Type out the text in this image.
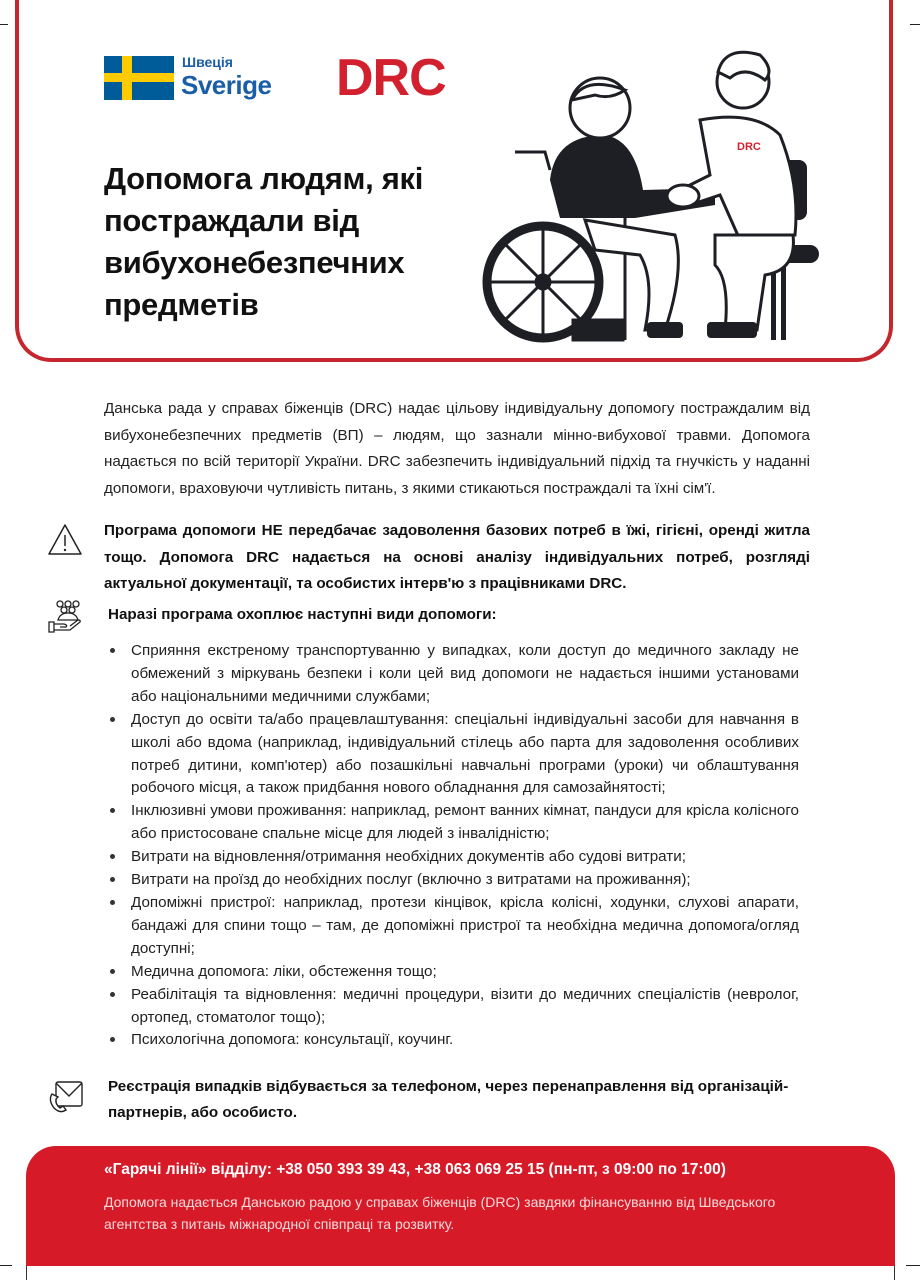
Швеція
Sverige DRC
Допомога людям, які постраждали від вибухонебезпечних предметів
DRC

Данська рада у справах біженців (DRC) надає цільову індивідуальну допомогу постраждалим від вибухонебезпечних предметів (ВП) – людям, що зазнали мінно-вибухової травми. Допомога надається по всій території України. DRC забезпечить індивідуальний підхід та гнучкість у наданні допомоги, враховуючи чутливість питань, з якими стикаються постраждалі та їхні сім'ї.

Програма допомоги НЕ передбачає задоволення базових потреб в їжі, гігієні, оренді житла тощо. Допомога DRC надається на основі аналізу індивідуальних потреб, розгляді актуальної документації, та особистих інтерв'ю з працівниками DRC.

Наразі програма охоплює наступні види допомоги:
Сприяння екстреному транспортуванню у випадках, коли доступ до медичного закладу не обмежений з міркувань безпеки і коли цей вид допомоги не надається іншими установами або національними медичними службами;
Доступ до освіти та/або працевлаштування: спеціальні індивідуальні засоби для навчання в школі або вдома (наприклад, індивідуальний стілець або парта для задоволення особливих потреб дитини, комп'ютер) або позашкільні навчальні програми (уроки) чи облаштування робочого місця, а також придбання нового обладнання для самозайнятості;
Інклюзивні умови проживання: наприклад, ремонт ванних кімнат, пандуси для крісла колісного або пристосоване спальне місце для людей з інвалідністю;
Витрати на відновлення/отримання необхідних документів або судові витрати;
Витрати на проїзд до необхідних послуг (включно з витратами на проживання);
Допоміжні пристрої: наприклад, протези кінцівок, крісла колісні, ходунки, слухові апарати, бандажі для спини тощо – там, де допоміжні пристрої та необхідна медична допомога/огляд доступні;
Медична допомога: ліки, обстеження тощо;
Реабілітація та відновлення: медичні процедури, візити до медичних спеціалістів (невролог, ортопед, стоматолог тощо);
Психологічна допомога: консультації, коучинг.

Реєстрація випадків відбувається за телефоном, через перенаправлення від організацій-партнерів, або особисто.

«Гарячі лінії» відділу: +38 050 393 39 43, +38 063 069 25 15 (пн-пт, з 09:00 по 17:00)
Допомога надається Данською радою у справах біженців (DRC) завдяки фінансуванню від Шведського агентства з питань міжнародної співпраці та розвитку.
